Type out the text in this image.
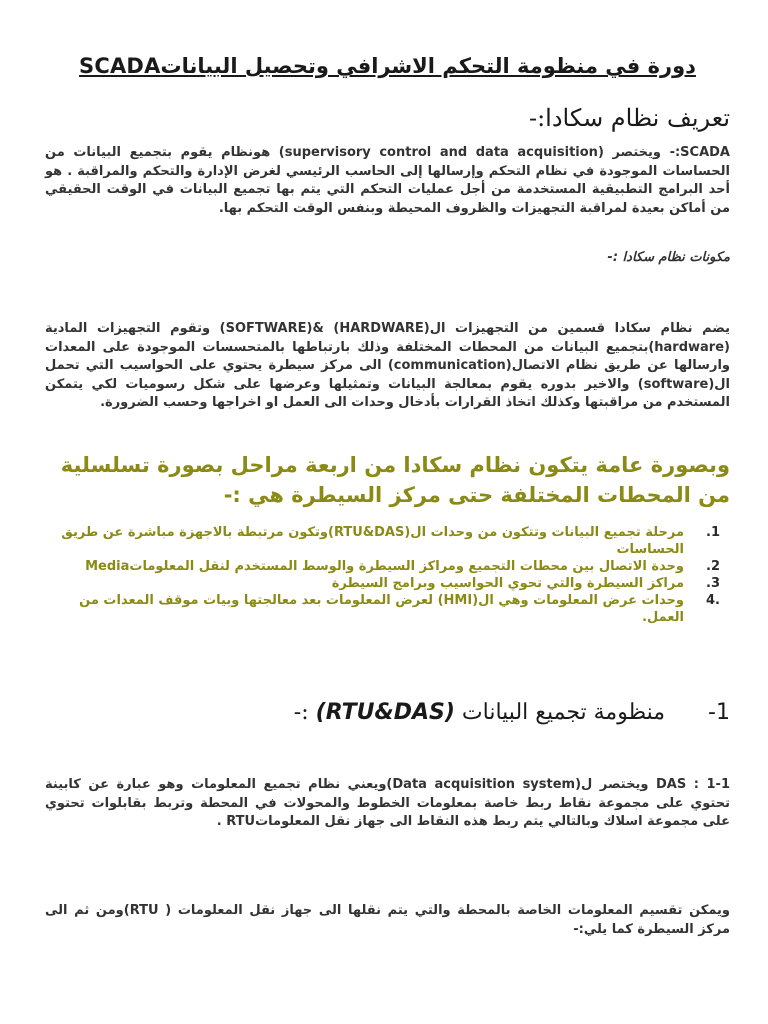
دورة في منظومة التحكم الاشرافي وتحصيل البياناتSCADA

تعريف نظام سكادا:-

SCADA:- ويختصر (supervisory control and data acquisition) هونظام يقوم بتجميع البيانات من الحساسات الموجودة في نظام التحكم وإرسالها إلى الحاسب الرئيسي لغرض الإدارة والتحكم والمراقبة . هو أحد البرامج التطبيقية المستخدمة من أجل عمليات التحكم التي يتم بها تجميع البيانات في الوقت الحقيقي من أماكن بعيدة لمراقبة التجهيزات والظروف المحيطة وبنفس الوقت التحكم بها.

مكونات نظام سكادا :-

يضم نظام سكادا قسمين من التجهيزات ال(HARDWARE) &(SOFTWARE) وتقوم التجهيزات المادية (hardware)بتجميع البيانات من المحطات المختلفة وذلك بارتباطها بالمتحسسات الموجودة على المعدات وارسالها عن طريق نظام الاتصال(communication) الى مركز سيطرة يحتوي على الحواسيب التي تحمل ال(software) والاخير بدوره يقوم بمعالجة البيانات وتمثيلها وعرضها على شكل رسوميات لكي يتمكن المستخدم من مراقبتها وكذلك اتخاذ القرارات بأدخال وحدات الى العمل او اخراجها وحسب الضرورة.

وبصورة عامة يتكون نظام سكادا من اربعة مراحل بصورة تسلسلية من المحطات المختلفة حتى مركز السيطرة هي :-

1.
مرحلة تجميع البيانات وتتكون من وحدات ال(RTU&DAS)وتكون مرتبطة بالاجهزة مباشرة عن طريق الحساسات
2.
وحدة الاتصال بين محطات التجميع ومراكز السيطرة والوسط المستخدم لنقل المعلوماتMedia
3.
مراكز السيطرة والتي تحوي الحواسيب وبرامج السيطرة
.4
وحدات عرض المعلومات وهي ال(HMI) لعرض المعلومات بعد معالجتها وبيات موقف المعدات من العمل.

1- منظومة تجميع البيانات (RTU&DAS) :-

1-1 : DAS ويختصر ل(Data acquisition system)ويعني نظام تجميع المعلومات وهو عبارة عن كابينة تحتوي على مجموعة نقاط ربط خاصة بمعلومات الخطوط والمحولات في المحطة وتربط بقابلوات تحتوي على مجموعة اسلاك وبالتالي يتم ربط هذه النقاط الى جهاز نقل المعلوماتRTU .

ويمكن تقسيم المعلومات الخاصة بالمحطة والتي يتم نقلها الى جهاز نقل المعلومات ( RTU)ومن ثم الى مركز السيطرة كما يلي:-
